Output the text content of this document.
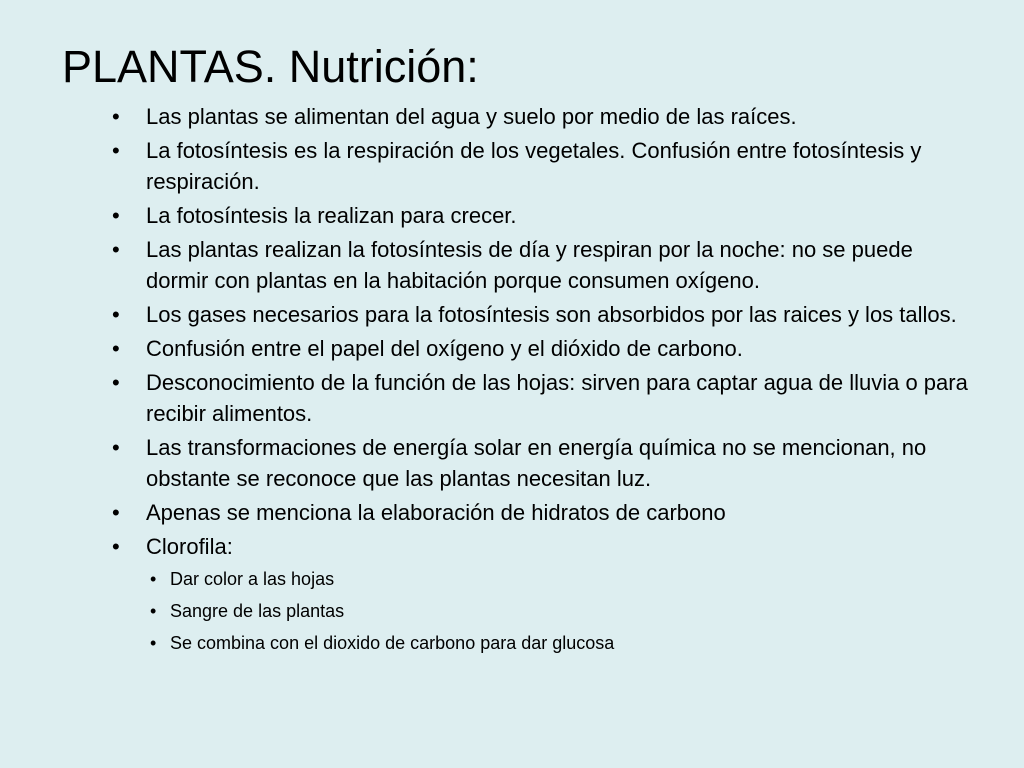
PLANTAS. Nutrición:
• Las plantas se alimentan del agua y suelo por medio de las raíces.
• La fotosíntesis es la respiración de los vegetales. Confusión entre fotosíntesis y respiración.
• La fotosíntesis la realizan para crecer.
• Las plantas realizan la fotosíntesis de día y respiran por la noche: no se puede dormir con plantas en la habitación porque consumen oxígeno.
• Los gases necesarios para la fotosíntesis son absorbidos por las raices y los tallos.
• Confusión entre el papel del oxígeno y el dióxido de carbono.
• Desconocimiento de la función de las hojas: sirven para captar agua de lluvia o para recibir alimentos.
• Las transformaciones de energía solar en energía química no se mencionan, no obstante se reconoce que las plantas necesitan luz.
• Apenas se menciona la elaboración de hidratos de carbono
• Clorofila:
• Dar color a las hojas
• Sangre de las plantas
• Se combina con el dioxido de carbono para dar glucosa
